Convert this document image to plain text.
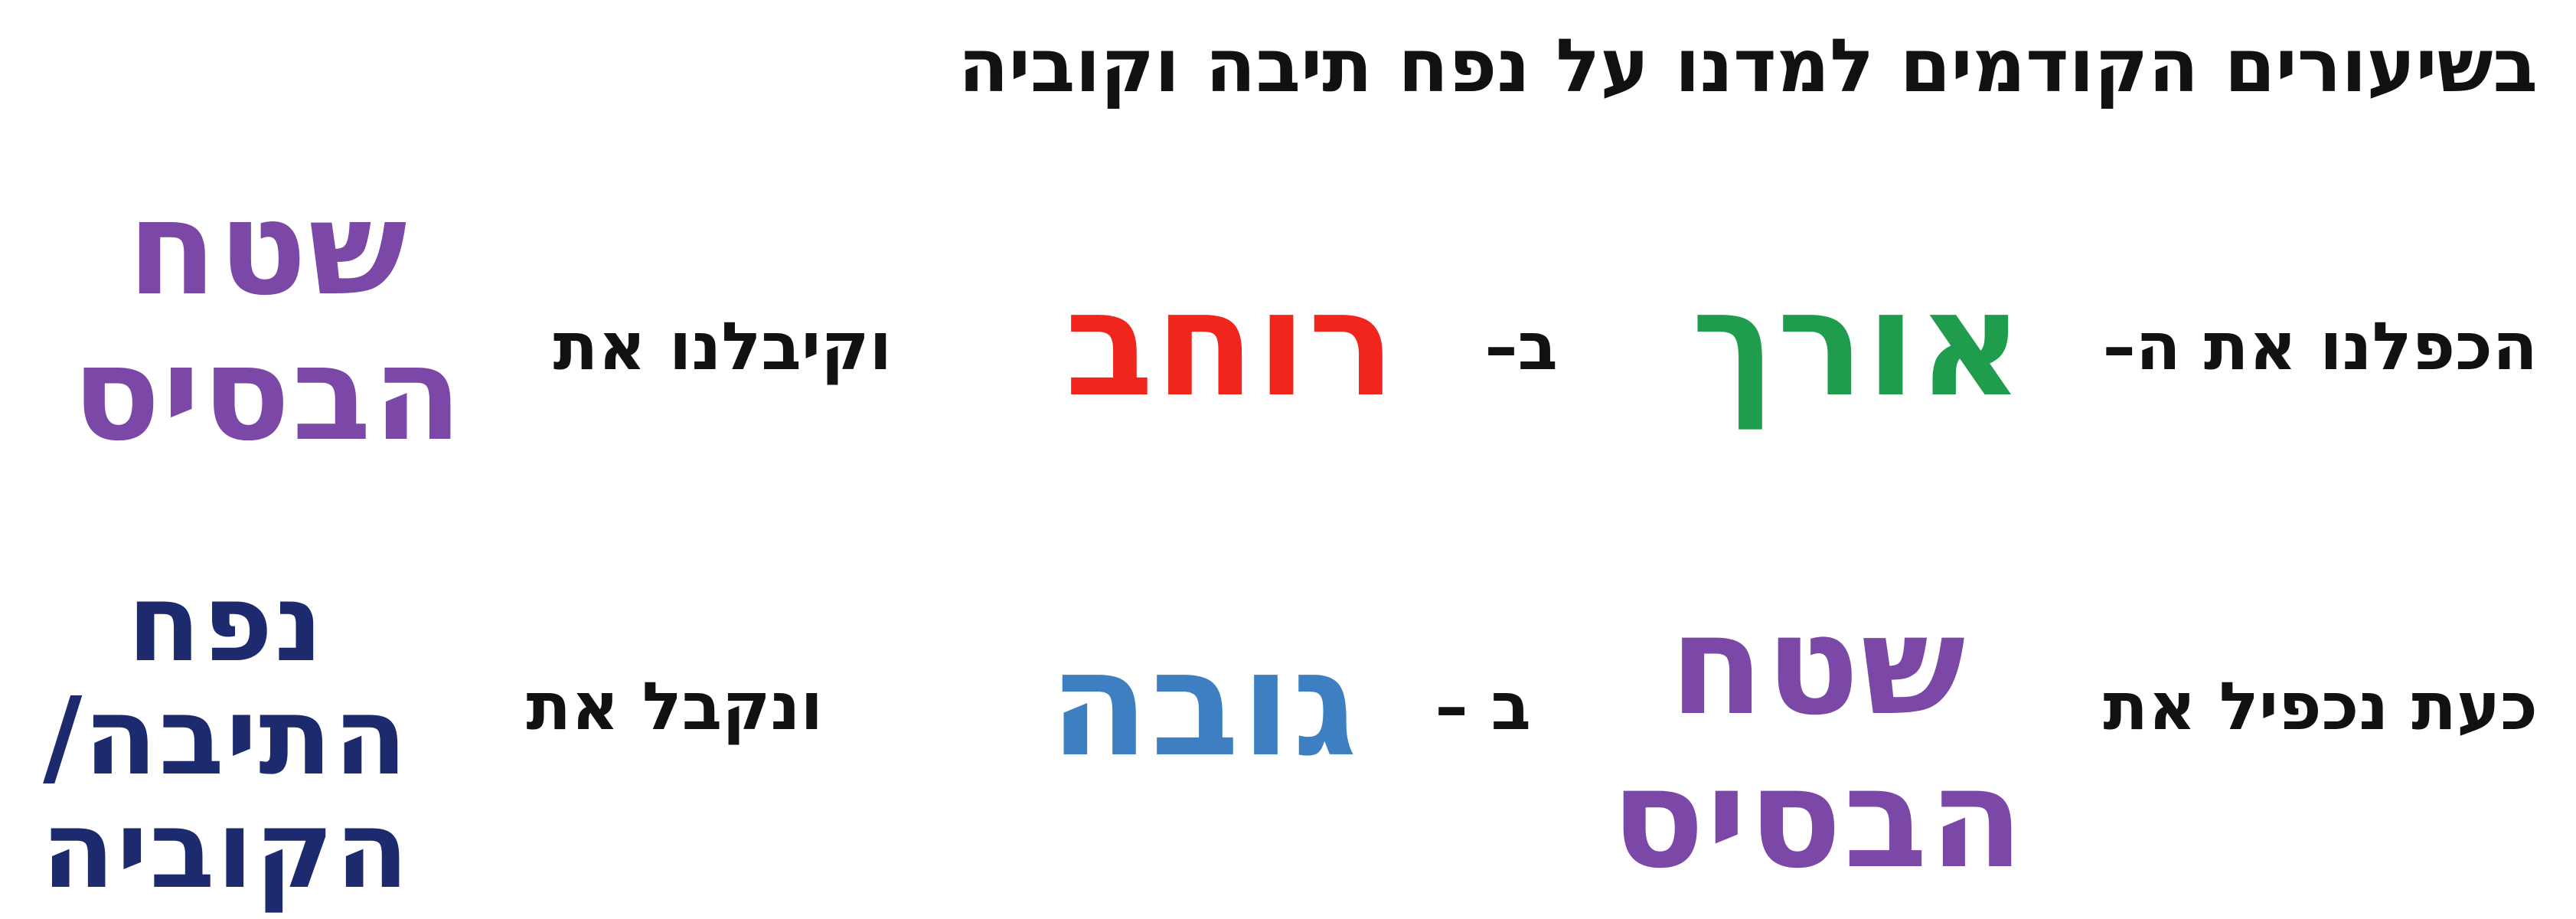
בשיעורים הקודמים למדנו על נפח תיבה וקוביה
הכפלנו את ה–
אורך
ב–
רוחב
וקיבלנו את
שטח
הבסיס
כעת נכפיל את
שטח
הבסיס
ב –
גובה
ונקבל את
נפח
התיבה/
הקוביה
